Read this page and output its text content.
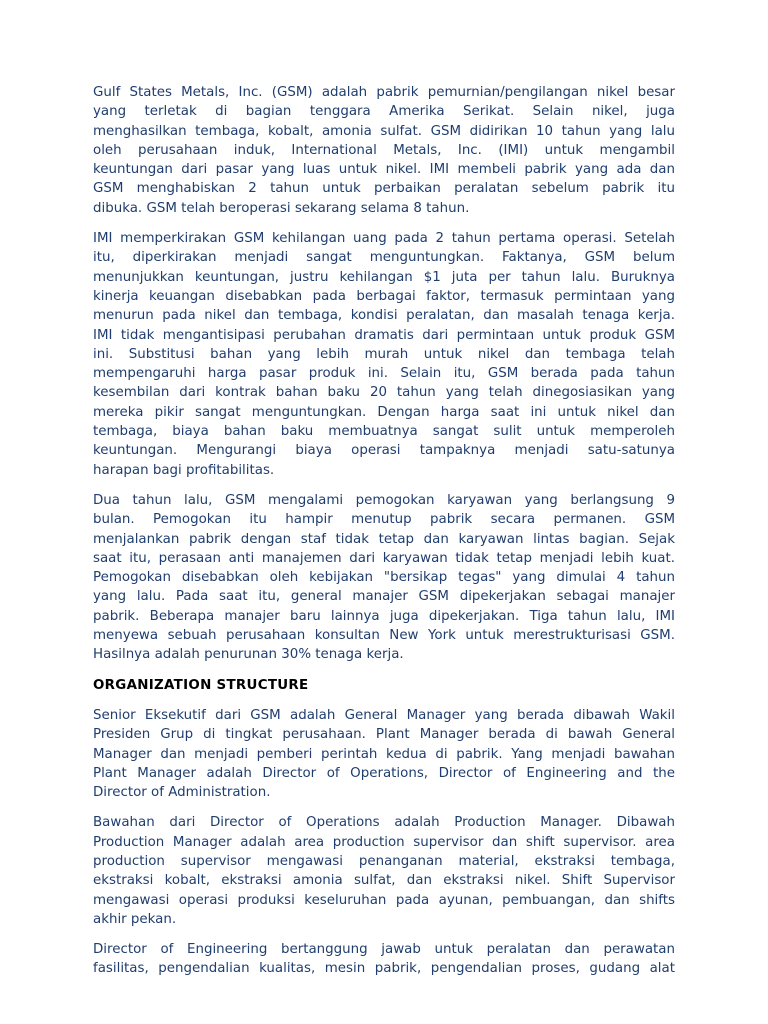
Gulf States Metals, Inc. (GSM) adalah pabrik pemurnian/pengilangan nikel besar
yang terletak di bagian tenggara Amerika Serikat. Selain nikel, juga
menghasilkan tembaga, kobalt, amonia sulfat. GSM didirikan 10 tahun yang lalu
oleh perusahaan induk, International Metals, Inc. (IMI) untuk mengambil
keuntungan dari pasar yang luas untuk nikel. IMI membeli pabrik yang ada dan
GSM menghabiskan 2 tahun untuk perbaikan peralatan sebelum pabrik itu
dibuka. GSM telah beroperasi sekarang selama 8 tahun.
IMI memperkirakan GSM kehilangan uang pada 2 tahun pertama operasi. Setelah
itu, diperkirakan menjadi sangat menguntungkan. Faktanya, GSM belum
menunjukkan keuntungan, justru kehilangan $1 juta per tahun lalu. Buruknya
kinerja keuangan disebabkan pada berbagai faktor, termasuk permintaan yang
menurun pada nikel dan tembaga, kondisi peralatan, dan masalah tenaga kerja.
IMI tidak mengantisipasi perubahan dramatis dari permintaan untuk produk GSM
ini. Substitusi bahan yang lebih murah untuk nikel dan tembaga telah
mempengaruhi harga pasar produk ini. Selain itu, GSM berada pada tahun
kesembilan dari kontrak bahan baku 20 tahun yang telah dinegosiasikan yang
mereka pikir sangat menguntungkan. Dengan harga saat ini untuk nikel dan
tembaga, biaya bahan baku membuatnya sangat sulit untuk memperoleh
keuntungan. Mengurangi biaya operasi tampaknya menjadi satu-satunya
harapan bagi profitabilitas.
Dua tahun lalu, GSM mengalami pemogokan karyawan yang berlangsung 9
bulan. Pemogokan itu hampir menutup pabrik secara permanen. GSM
menjalankan pabrik dengan staf tidak tetap dan karyawan lintas bagian. Sejak
saat itu, perasaan anti manajemen dari karyawan tidak tetap menjadi lebih kuat.
Pemogokan disebabkan oleh kebijakan "bersikap tegas" yang dimulai 4 tahun
yang lalu. Pada saat itu, general manajer GSM dipekerjakan sebagai manajer
pabrik. Beberapa manajer baru lainnya juga dipekerjakan. Tiga tahun lalu, IMI
menyewa sebuah perusahaan konsultan New York untuk merestrukturisasi GSM.
Hasilnya adalah penurunan 30% tenaga kerja.
ORGANIZATION STRUCTURE
Senior Eksekutif dari GSM adalah General Manager yang berada dibawah Wakil
Presiden Grup di tingkat perusahaan. Plant Manager berada di bawah General
Manager dan menjadi pemberi perintah kedua di pabrik. Yang menjadi bawahan
Plant Manager adalah Director of Operations, Director of Engineering and the
Director of Administration.
Bawahan dari Director of Operations adalah Production Manager. Dibawah
Production Manager adalah area production supervisor dan shift supervisor. area
production supervisor mengawasi penanganan material, ekstraksi tembaga,
ekstraksi kobalt, ekstraksi amonia sulfat, dan ekstraksi nikel. Shift Supervisor
mengawasi operasi produksi keseluruhan pada ayunan, pembuangan, dan shifts
akhir pekan.
Director of Engineering bertanggung jawab untuk peralatan dan perawatan
fasilitas, pengendalian kualitas, mesin pabrik, pengendalian proses, gudang alat
